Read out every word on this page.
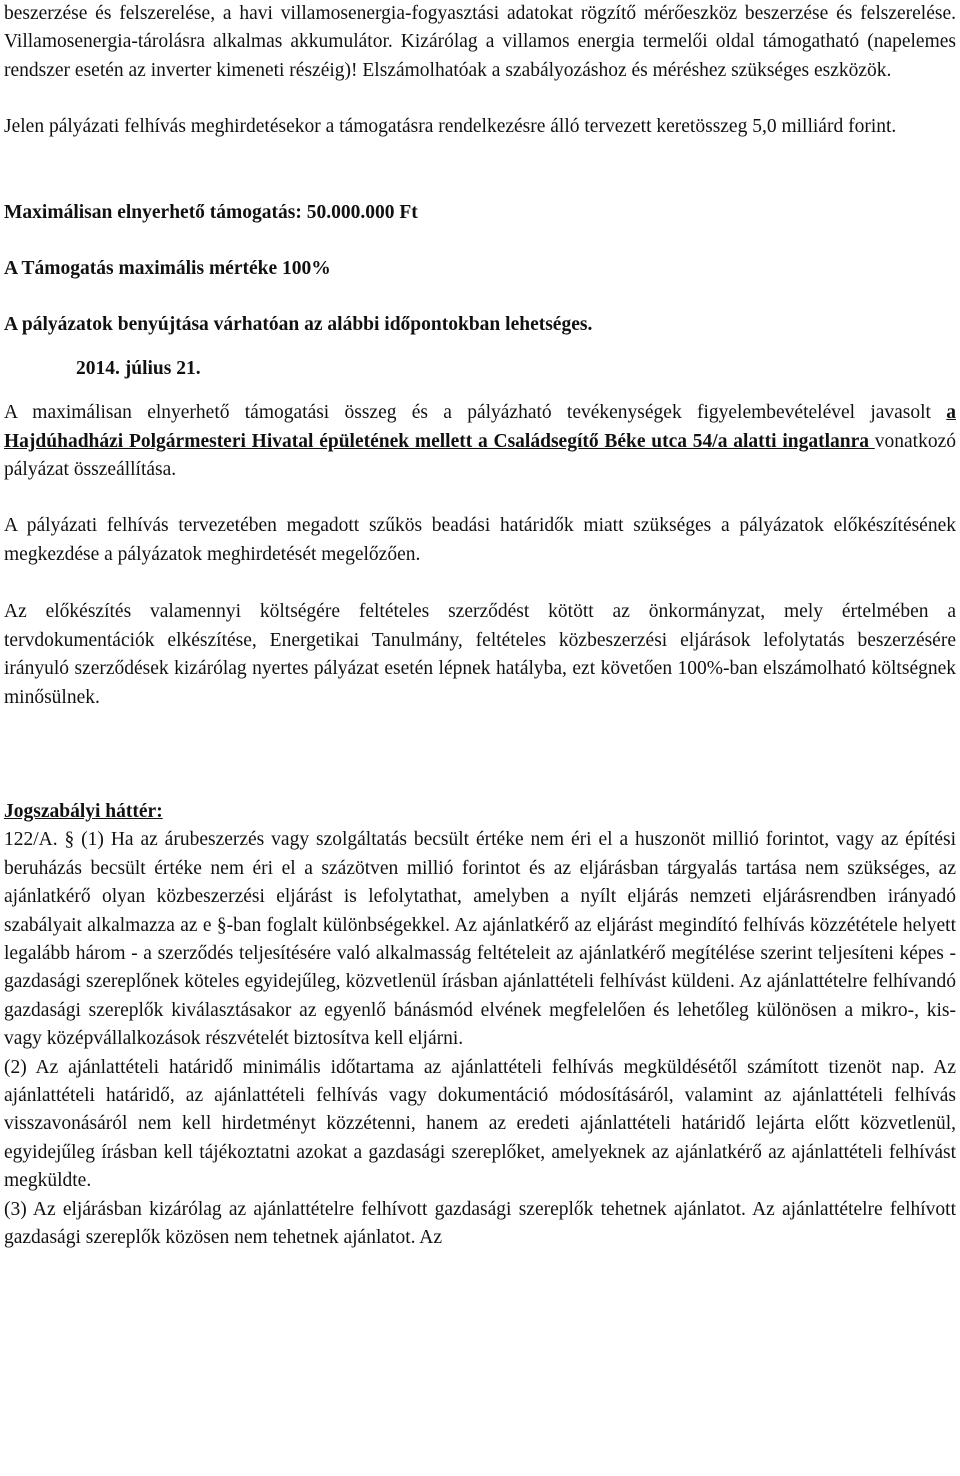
beszerzése és felszerelése, a havi villamosenergia-fogyasztási adatokat rögzítő mérőeszköz beszerzése és felszerelése. Villamosenergia-tárolásra alkalmas akkumulátor. Kizárólag a villamos energia termelői oldal támogatható (napelemes rendszer esetén az inverter kimeneti részéig)! Elszámolhatóak a szabályozáshoz és méréshez szükséges eszközök.

Jelen pályázati felhívás meghirdetésekor a támogatásra rendelkezésre álló tervezett keretösszeg 5,0 milliárd forint.

Maximálisan elnyerhető támogatás: 50.000.000 Ft

A Támogatás maximális mértéke 100%

A pályázatok benyújtása várhatóan az alábbi időpontokban lehetséges.

2014. július 21.

A maximálisan elnyerhető támogatási összeg és a pályázható tevékenységek figyelembevételével javasolt a Hajdúhadházi Polgármesteri Hivatal épületének mellett a Családsegítő Béke utca 54/a alatti ingatlanra vonatkozó pályázat összeállítása.

A pályázati felhívás tervezetében megadott szűkös beadási határidők miatt szükséges a pályázatok előkészítésének megkezdése a pályázatok meghirdetését megelőzően.

Az előkészítés valamennyi költségére feltételes szerződést kötött az önkormányzat, mely értelmében a tervdokumentációk elkészítése, Energetikai Tanulmány, feltételes közbeszerzési eljárások lefolytatás beszerzésére irányuló szerződések kizárólag nyertes pályázat esetén lépnek hatályba, ezt követően 100%-ban elszámolható költségnek minősülnek.

Jogszabályi háttér:

122/A. § (1) Ha az árubeszerzés vagy szolgáltatás becsült értéke nem éri el a huszonöt millió forintot, vagy az építési beruházás becsült értéke nem éri el a százötven millió forintot és az eljárásban tárgyalás tartása nem szükséges, az ajánlatkérő olyan közbeszerzési eljárást is lefolytathat, amelyben a nyílt eljárás nemzeti eljárásrendben irányadó szabályait alkalmazza az e §-ban foglalt különbségekkel. Az ajánlatkérő az eljárást megindító felhívás közzététele helyett legalább három - a szerződés teljesítésére való alkalmasság feltételeit az ajánlatkérő megítélése szerint teljesíteni képes - gazdasági szereplőnek köteles egyidejűleg, közvetlenül írásban ajánlattételi felhívást küldeni. Az ajánlattételre felhívandó gazdasági szereplők kiválasztásakor az egyenlő bánásmód elvének megfelelően és lehetőleg különösen a mikro-, kis- vagy középvállalkozások részvételét biztosítva kell eljárni.

(2) Az ajánlattételi határidő minimális időtartama az ajánlattételi felhívás megküldésétől számított tizenöt nap. Az ajánlattételi határidő, az ajánlattételi felhívás vagy dokumentáció módosításáról, valamint az ajánlattételi felhívás visszavonásáról nem kell hirdetményt közzétenni, hanem az eredeti ajánlattételi határidő lejárta előtt közvetlenül, egyidejűleg írásban kell tájékoztatni azokat a gazdasági szereplőket, amelyeknek az ajánlatkérő az ajánlattételi felhívást megküldte.

(3) Az eljárásban kizárólag az ajánlattételre felhívott gazdasági szereplők tehetnek ajánlatot. Az ajánlattételre felhívott gazdasági szereplők közösen nem tehetnek ajánlatot. Az
